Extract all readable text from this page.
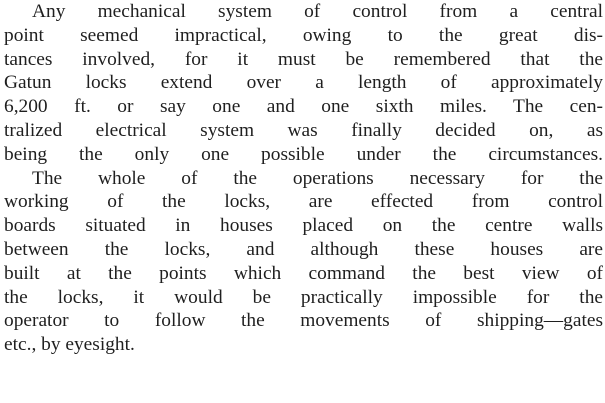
Any mechanical system of control from a central
point seemed impractical, owing to the great dis-
tances involved, for it must be remembered that the
Gatun locks extend over a length of approximately
6,200 ft. or say one and one sixth miles. The cen-
tralized electrical system was finally decided on, as
being the only one possible under the circumstances.

The whole of the operations necessary for the
working of the locks, are effected from control
boards situated in houses placed on the centre walls
between the locks, and although these houses are
built at the points which command the best view of
the locks, it would be practically impossible for the
operator to follow the movements of shipping—gates
etc., by eyesight.
